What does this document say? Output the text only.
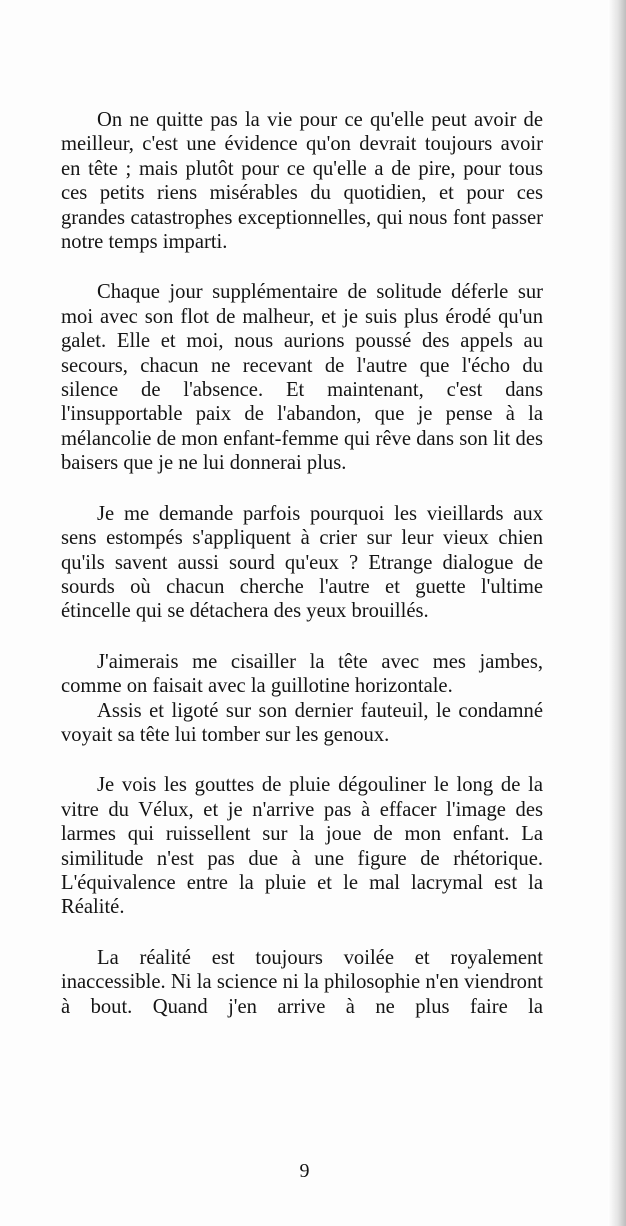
On ne quitte pas la vie pour ce qu'elle peut avoir de meilleur, c'est une évidence qu'on devrait toujours avoir en tête ; mais plutôt pour ce qu'elle a de pire, pour tous ces petits riens misérables du quotidien, et pour ces grandes catastrophes exceptionnelles, qui nous font passer notre temps imparti.

Chaque jour supplémentaire de solitude déferle sur moi avec son flot de malheur, et je suis plus érodé qu'un galet. Elle et moi, nous aurions poussé des appels au secours, chacun ne recevant de l'autre que l'écho du silence de l'absence. Et maintenant, c'est dans l'insupportable paix de l'abandon, que je pense à la mélancolie de mon enfant-femme qui rêve dans son lit des baisers que je ne lui donnerai plus.

Je me demande parfois pourquoi les vieillards aux sens estompés s'appliquent à crier sur leur vieux chien qu'ils savent aussi sourd qu'eux ? Etrange dialogue de sourds où chacun cherche l'autre et guette l'ultime étincelle qui se détachera des yeux brouillés.

J'aimerais me cisailler la tête avec mes jambes, comme on faisait avec la guillotine horizontale.

Assis et ligoté sur son dernier fauteuil, le condamné voyait sa tête lui tomber sur les genoux.

Je vois les gouttes de pluie dégouliner le long de la vitre du Vélux, et je n'arrive pas à effacer l'image des larmes qui ruissellent sur la joue de mon enfant. La similitude n'est pas due à une figure de rhétorique. L'équivalence entre la pluie et le mal lacrymal est la Réalité.

La réalité est toujours voilée et royalement inaccessible. Ni la science ni la philosophie n'en viendront à bout. Quand j'en arrive à ne plus faire la

9
